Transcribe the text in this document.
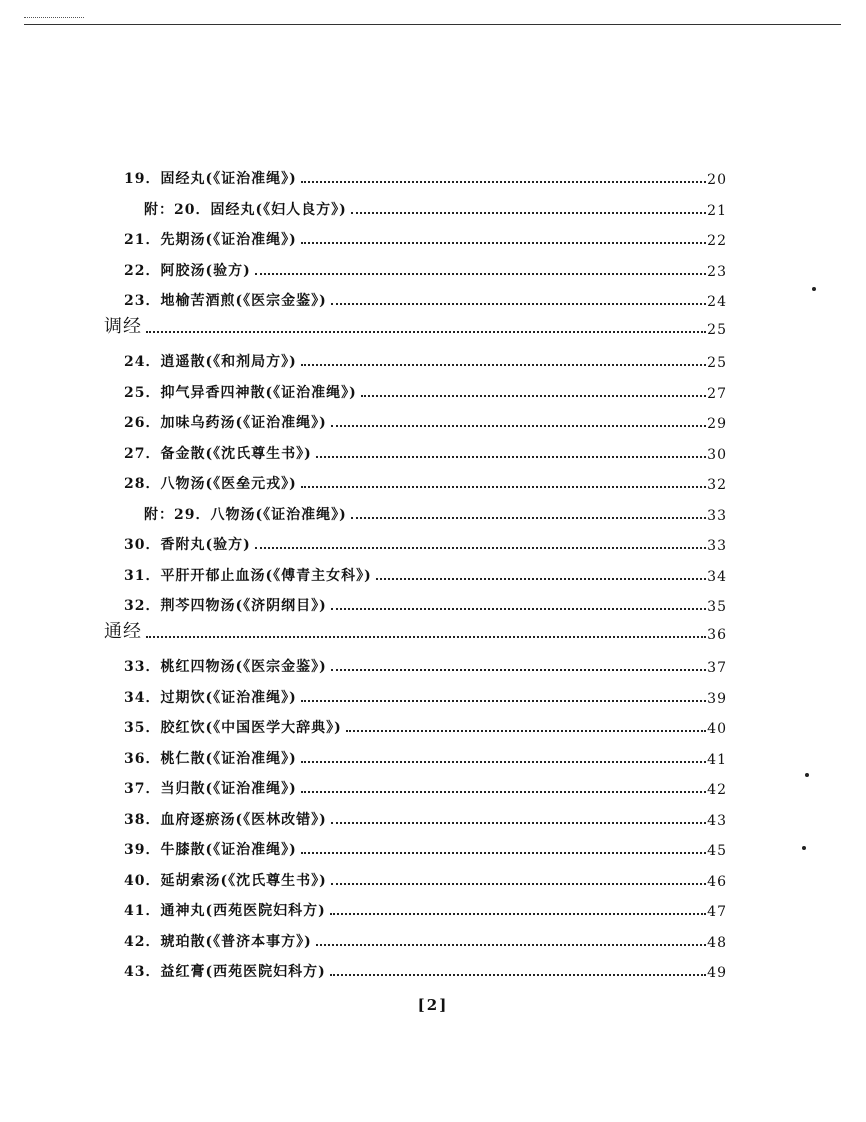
19．固经丸(《证治准绳》)	20
附：20．固经丸(《妇人良方》)	21
21．先期汤(《证治准绳》)	22
22．阿胶汤(验方)	23
23．地榆苦酒煎(《医宗金鉴》)	24
调经	25
24．逍遥散(《和剂局方》)	25
25．抑气异香四神散(《证治准绳》)	27
26．加味乌药汤(《证治准绳》)	29
27．备金散(《沈氏尊生书》)	30
28．八物汤(《医垒元戎》)	32
附：29．八物汤(《证治准绳》)	33
30．香附丸(验方)	33
31．平肝开郁止血汤(《傅青主女科》)	34
32．荆芩四物汤(《济阴纲目》)	35
通经	36
33．桃红四物汤(《医宗金鉴》)	37
34．过期饮(《证治准绳》)	39
35．胶红饮(《中国医学大辞典》)	40
36．桃仁散(《证治准绳》)	41
37．当归散(《证治准绳》)	42
38．血府逐瘀汤(《医林改错》)	43
39．牛膝散(《证治准绳》)	45
40．延胡索汤(《沈氏尊生书》)	46
41．通神丸(西苑医院妇科方)	47
42．琥珀散(《普济本事方》)	48
43．益红膏(西苑医院妇科方)	49
[2]
